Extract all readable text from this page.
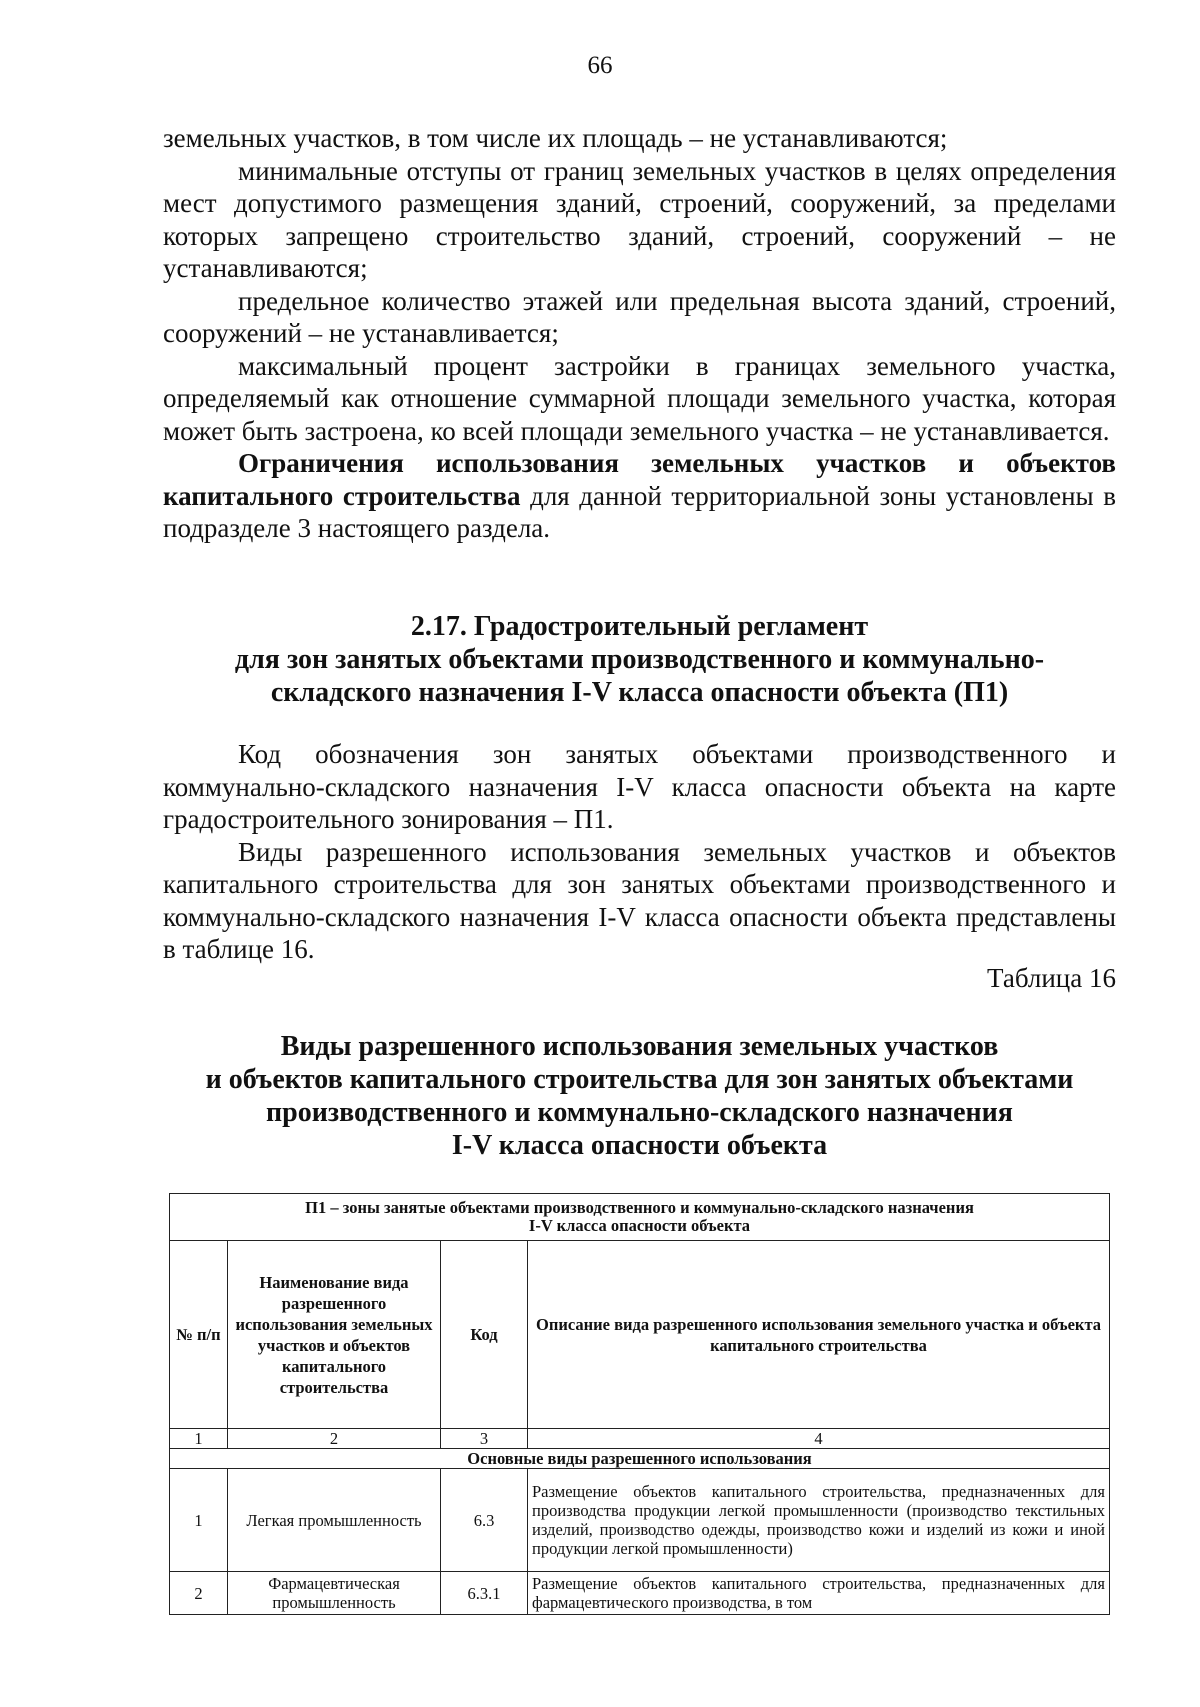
66

земельных участков, в том числе их площадь – не устанавливаются;

минимальные отступы от границ земельных участков в целях определения мест допустимого размещения зданий, строений, сооружений, за пределами которых запрещено строительство зданий, строений, сооружений – не устанавливаются;

предельное количество этажей или предельная высота зданий, строений, сооружений – не устанавливается;

максимальный процент застройки в границах земельного участка, определяемый как отношение суммарной площади земельного участка, которая может быть застроена, ко всей площади земельного участка – не устанавливается.

Ограничения использования земельных участков и объектов капитального строительства для данной территориальной зоны установлены в подразделе 3 настоящего раздела.

2.17. Градостроительный регламент
для зон занятых объектами производственного и коммунально-
складского назначения I-V класса опасности объекта (П1)

Код обозначения зон занятых объектами производственного и коммунально-складского назначения I-V класса опасности объекта на карте градостроительного зонирования – П1.

Виды разрешенного использования земельных участков и объектов капитального строительства для зон занятых объектами производственного и коммунально-складского назначения I-V класса опасности объекта представлены в таблице 16.

Таблица 16
Виды разрешенного использования земельных участков
и объектов капитального строительства для зон занятых объектами
производственного и коммунально-складского назначения
I-V класса опасности объекта
П1 – зоны занятые объектами производственного и коммунально-складского назначения
I-V класса опасности объекта			

№ п/п	Наименование вида разрешенного использования земельных участков и объектов капитального строительства	Код	Описание вида разрешенного использования земельного участка и объекта капитального строительства
1	2	3	4
Основные виды разрешенного использования			
1	Легкая промышленность	6.3	Размещение объектов капитального строительства, предназначенных для производства продукции легкой промышленности (производство текстильных изделий, производство одежды, производство кожи и изделий из кожи и иной продукции легкой промышленности)
2	Фармацевтическая промышленность	6.3.1	Размещение объектов капитального строительства, предназначенных для фармацевтического производства, в том
